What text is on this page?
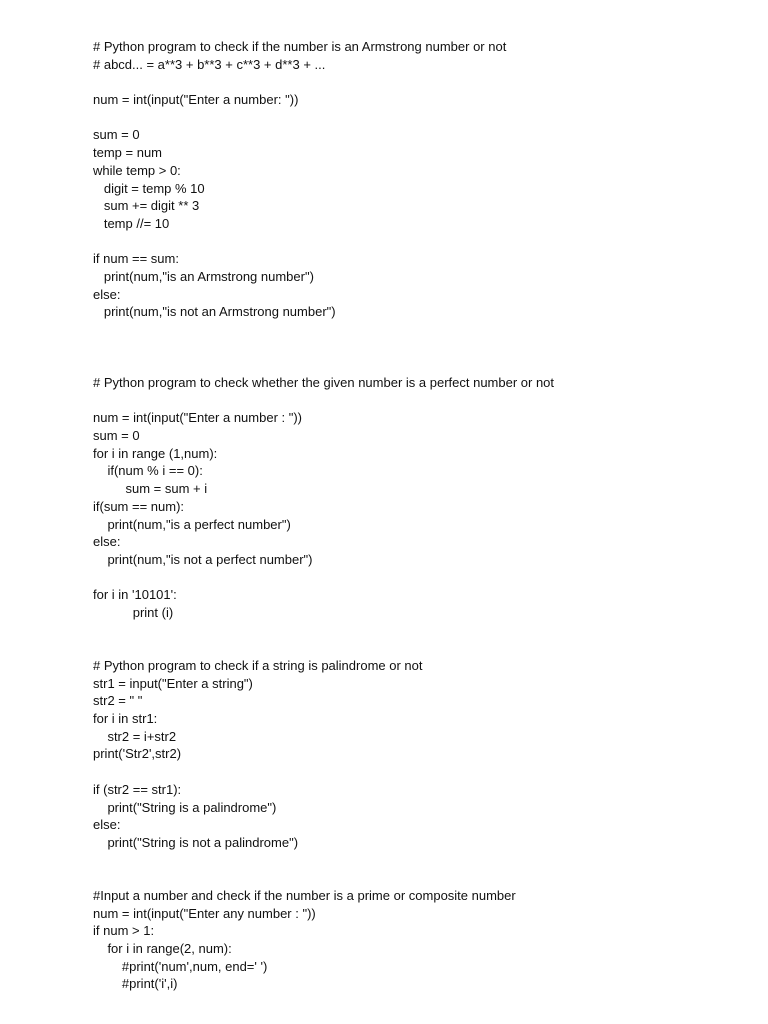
# Python program to check if the number is an Armstrong number or not
# abcd... = a**3 + b**3 + c**3 + d**3 + ...
num = int(input("Enter a number: "))
sum = 0
temp = num
while temp > 0:
digit = temp % 10
sum += digit ** 3
temp //= 10
if num == sum:
print(num,"is an Armstrong number")
else:
print(num,"is not an Armstrong number")
# Python program to check whether the given number is a perfect number or not
num = int(input("Enter a number : "))
sum = 0
for i in range (1,num):
if(num % i == 0):
sum = sum + i
if(sum == num):
print(num,"is a perfect number")
else:
print(num,"is not a perfect number")
for i in '10101':
print (i)
# Python program to check if a string is palindrome or not
str1 = input("Enter a string")
str2 = " "
for i in str1:
str2 = i+str2
print('Str2',str2)
if (str2 == str1):
print("String is a palindrome")
else:
print("String is not a palindrome")
#Input a number and check if the number is a prime or composite number
num = int(input("Enter any number : "))
if num > 1:
for i in range(2, num):
#print('num',num, end=' ')
#print('i',i)
